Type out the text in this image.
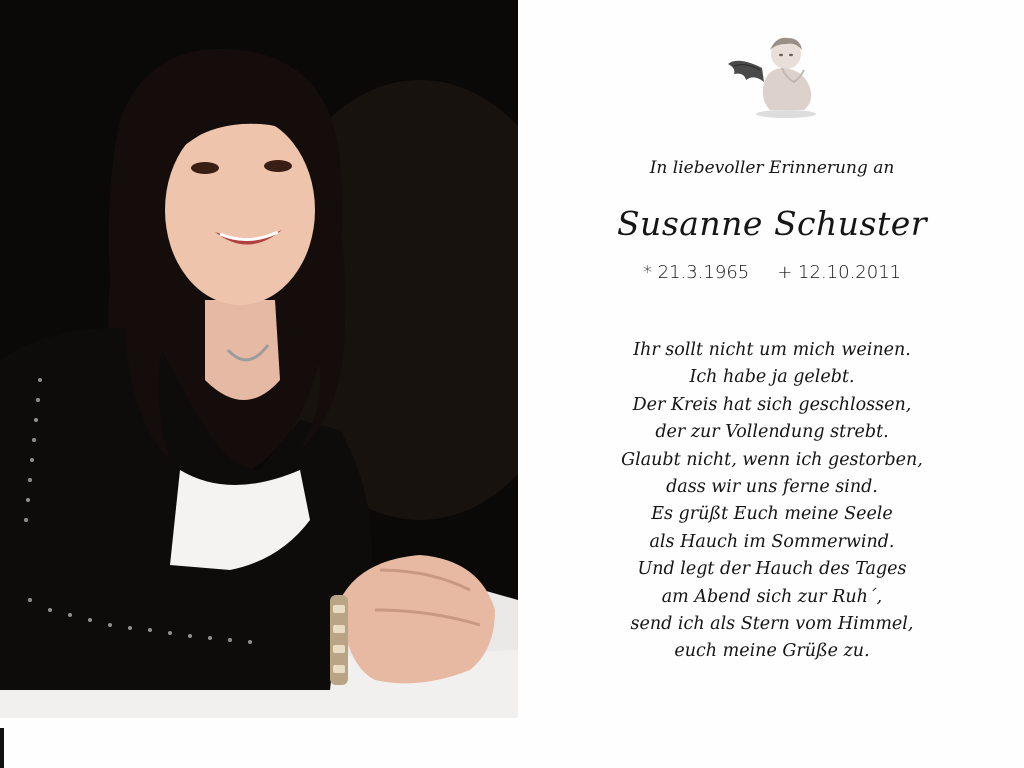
In liebevoller Erinnerung an
Susanne Schuster
* 21.3.1965 + 12.10.2011
Ihr sollt nicht um mich weinen.
Ich habe ja gelebt.
Der Kreis hat sich geschlossen,
der zur Vollendung strebt.
Glaubt nicht, wenn ich gestorben,
dass wir uns ferne sind.
Es grüßt Euch meine Seele
als Hauch im Sommerwind.
Und legt der Hauch des Tages
am Abend sich zur Ruh´,
send ich als Stern vom Himmel,
euch meine Grüße zu.
